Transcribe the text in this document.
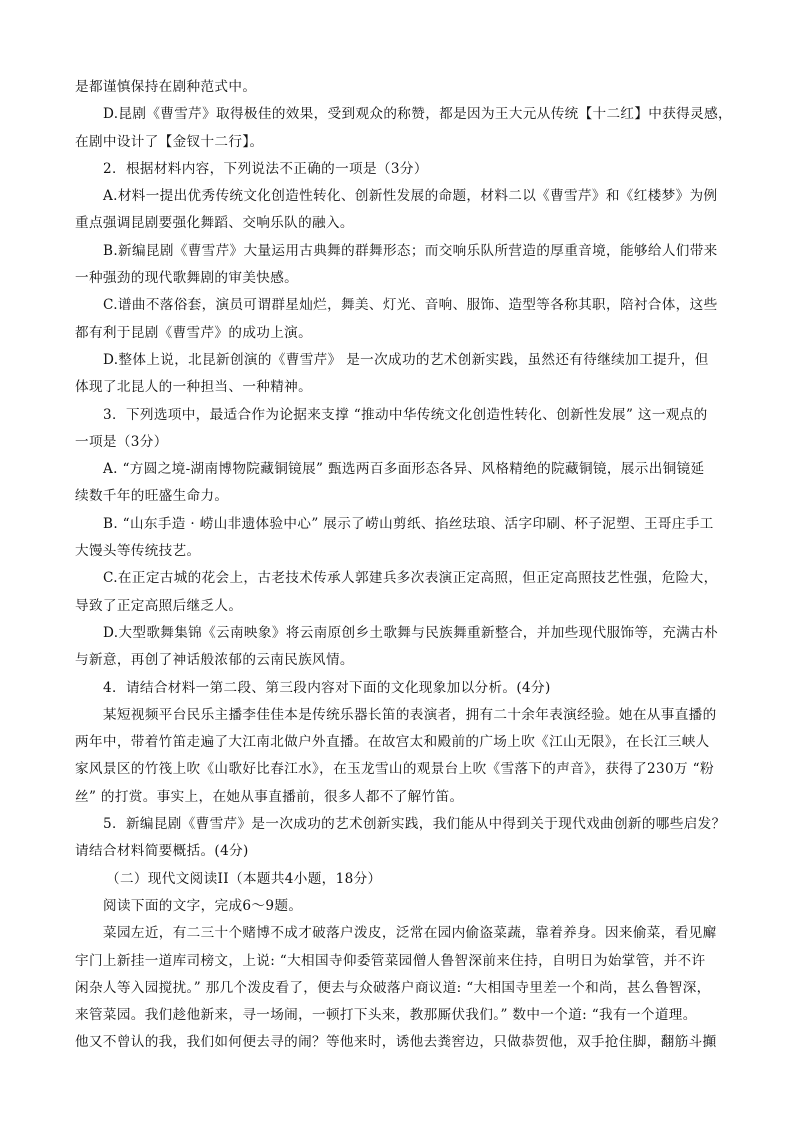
是都谨慎保持在剧种范式中。
D.昆剧《曹雪芹》取得极佳的效果，受到观众的称赞，都是因为王大元从传统【十二红】中获得灵感，
在剧中设计了【金钗十二行】。
2．根据材料内容，下列说法不正确的一项是（3分）
A.材料一提出优秀传统文化创造性转化、创新性发展的命题，材料二以《曹雪芹》和《红楼梦》为例
重点强调昆剧要强化舞蹈、交响乐队的融入。
B.新编昆剧《曹雪芹》大量运用古典舞的群舞形态；而交响乐队所营造的厚重音境，能够给人们带来
一种强劲的现代歌舞剧的审美快感。
C.谱曲不落俗套，演员可谓群星灿烂，舞美、灯光、音响、服饰、造型等各称其职，陪衬合体，这些
都有利于昆剧《曹雪芹》的成功上演。
D.整体上说，北昆新创演的《曹雪芹》 是一次成功的艺术创新实践，虽然还有待继续加工提升，但
体现了北昆人的一种担当、一种精神。
3．下列选项中，最适合作为论据来支撑 “推动中华传统文化创造性转化、创新性发展” 这一观点的
一项是（3分）
A. “方圆之境-湖南博物院藏铜镜展” 甄选两百多面形态各异、风格精绝的院藏铜镜，展示出铜镜延
续数千年的旺盛生命力。
B. “山东手造 · 崂山非遗体验中心” 展示了崂山剪纸、掐丝珐琅、活字印刷、杯子泥塑、王哥庄手工
大馒头等传统技艺。
C.在正定古城的花会上，古老技术传承人郭建兵多次表演正定高照，但正定高照技艺性强，危险大，
导致了正定高照后继乏人。
D.大型歌舞集锦《云南映象》将云南原创乡土歌舞与民族舞重新整合，并加些现代服饰等，充满古朴
与新意，再创了神话般浓郁的云南民族风情。
4．请结合材料一第二段、第三段内容对下面的文化现象加以分析。(4分)
某短视频平台民乐主播李佳佳本是传统乐器长笛的表演者，拥有二十余年表演经验。她在从事直播的
两年中，带着竹笛走遍了大江南北做户外直播。在故宫太和殿前的广场上吹《江山无限》，在长江三峡人
家风景区的竹筏上吹《山歌好比春江水》，在玉龙雪山的观景台上吹《雪落下的声音》，获得了230万 “粉
丝” 的打赏。事实上，在她从事直播前，很多人都不了解竹笛。
5．新编昆剧《曹雪芹》是一次成功的艺术创新实践，我们能从中得到关于现代戏曲创新的哪些启发？
请结合材料简要概括。(4分)
（二）现代文阅读II（本题共4小题，18分）
阅读下面的文字，完成6～9题。
菜园左近，有二三十个赌博不成才破落户泼皮，泛常在园内偷盗菜蔬，靠着养身。因来偷菜，看见廨
宇门上新挂一道库司榜文，上说: “大相国寺仰委管菜园僧人鲁智深前来住持，自明日为始掌管，并不许
闲杂人等入园搅扰。” 那几个泼皮看了，便去与众破落户商议道: “大相国寺里差一个和尚，甚么鲁智深，
来管菜园。我们趁他新来，寻一场闹，一顿打下头来，教那厮伏我们。” 数中一个道: “我有一个道理。
他又不曾认的我，我们如何便去寻的闹？等他来时，诱他去粪窖边，只做恭贺他，双手抢住脚，翻筋斗攧
